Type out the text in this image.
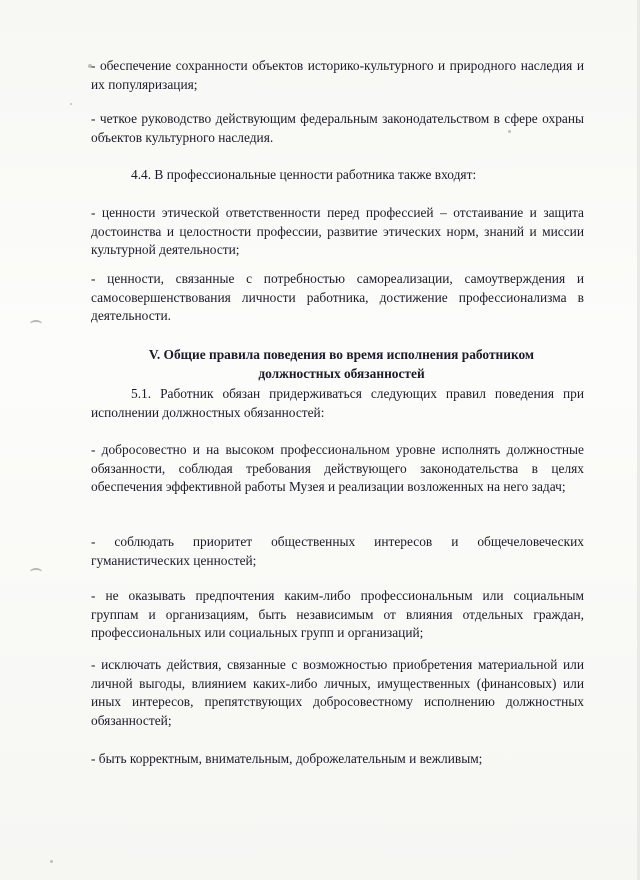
- обеспечение сохранности объектов историко-культурного и природного наследия и их популяризация;

- четкое руководство действующим федеральным законодательством в сфере охраны объектов культурного наследия.

4.4. В профессиональные ценности работника также входят:

- ценности этической ответственности перед профессией – отстаивание и защита достоинства и целостности профессии, развитие этических норм, знаний и миссии культурной деятельности;

- ценности, связанные с потребностью самореализации, самоутверждения и самосовершенствования личности работника, достижение профессионализма в деятельности.

V. Общие правила поведения во время исполнения работником должностных обязанностей

5.1. Работник обязан придерживаться следующих правил поведения при исполнении должностных обязанностей:

- добросовестно и на высоком профессиональном уровне исполнять должностные обязанности, соблюдая требования действующего законодательства в целях обеспечения эффективной работы Музея и реализации возложенных на него задач;

- соблюдать приоритет общественных интересов и общечеловеческих гуманистических ценностей;

- не оказывать предпочтения каким-либо профессиональным или социальным группам и организациям, быть независимым от влияния отдельных граждан, профессиональных или социальных групп и организаций;

- исключать действия, связанные с возможностью приобретения материальной или личной выгоды, влиянием каких-либо личных, имущественных (финансовых) или иных интересов, препятствующих добросовестному исполнению должностных обязанностей;

- быть корректным, внимательным, доброжелательным и вежливым;
